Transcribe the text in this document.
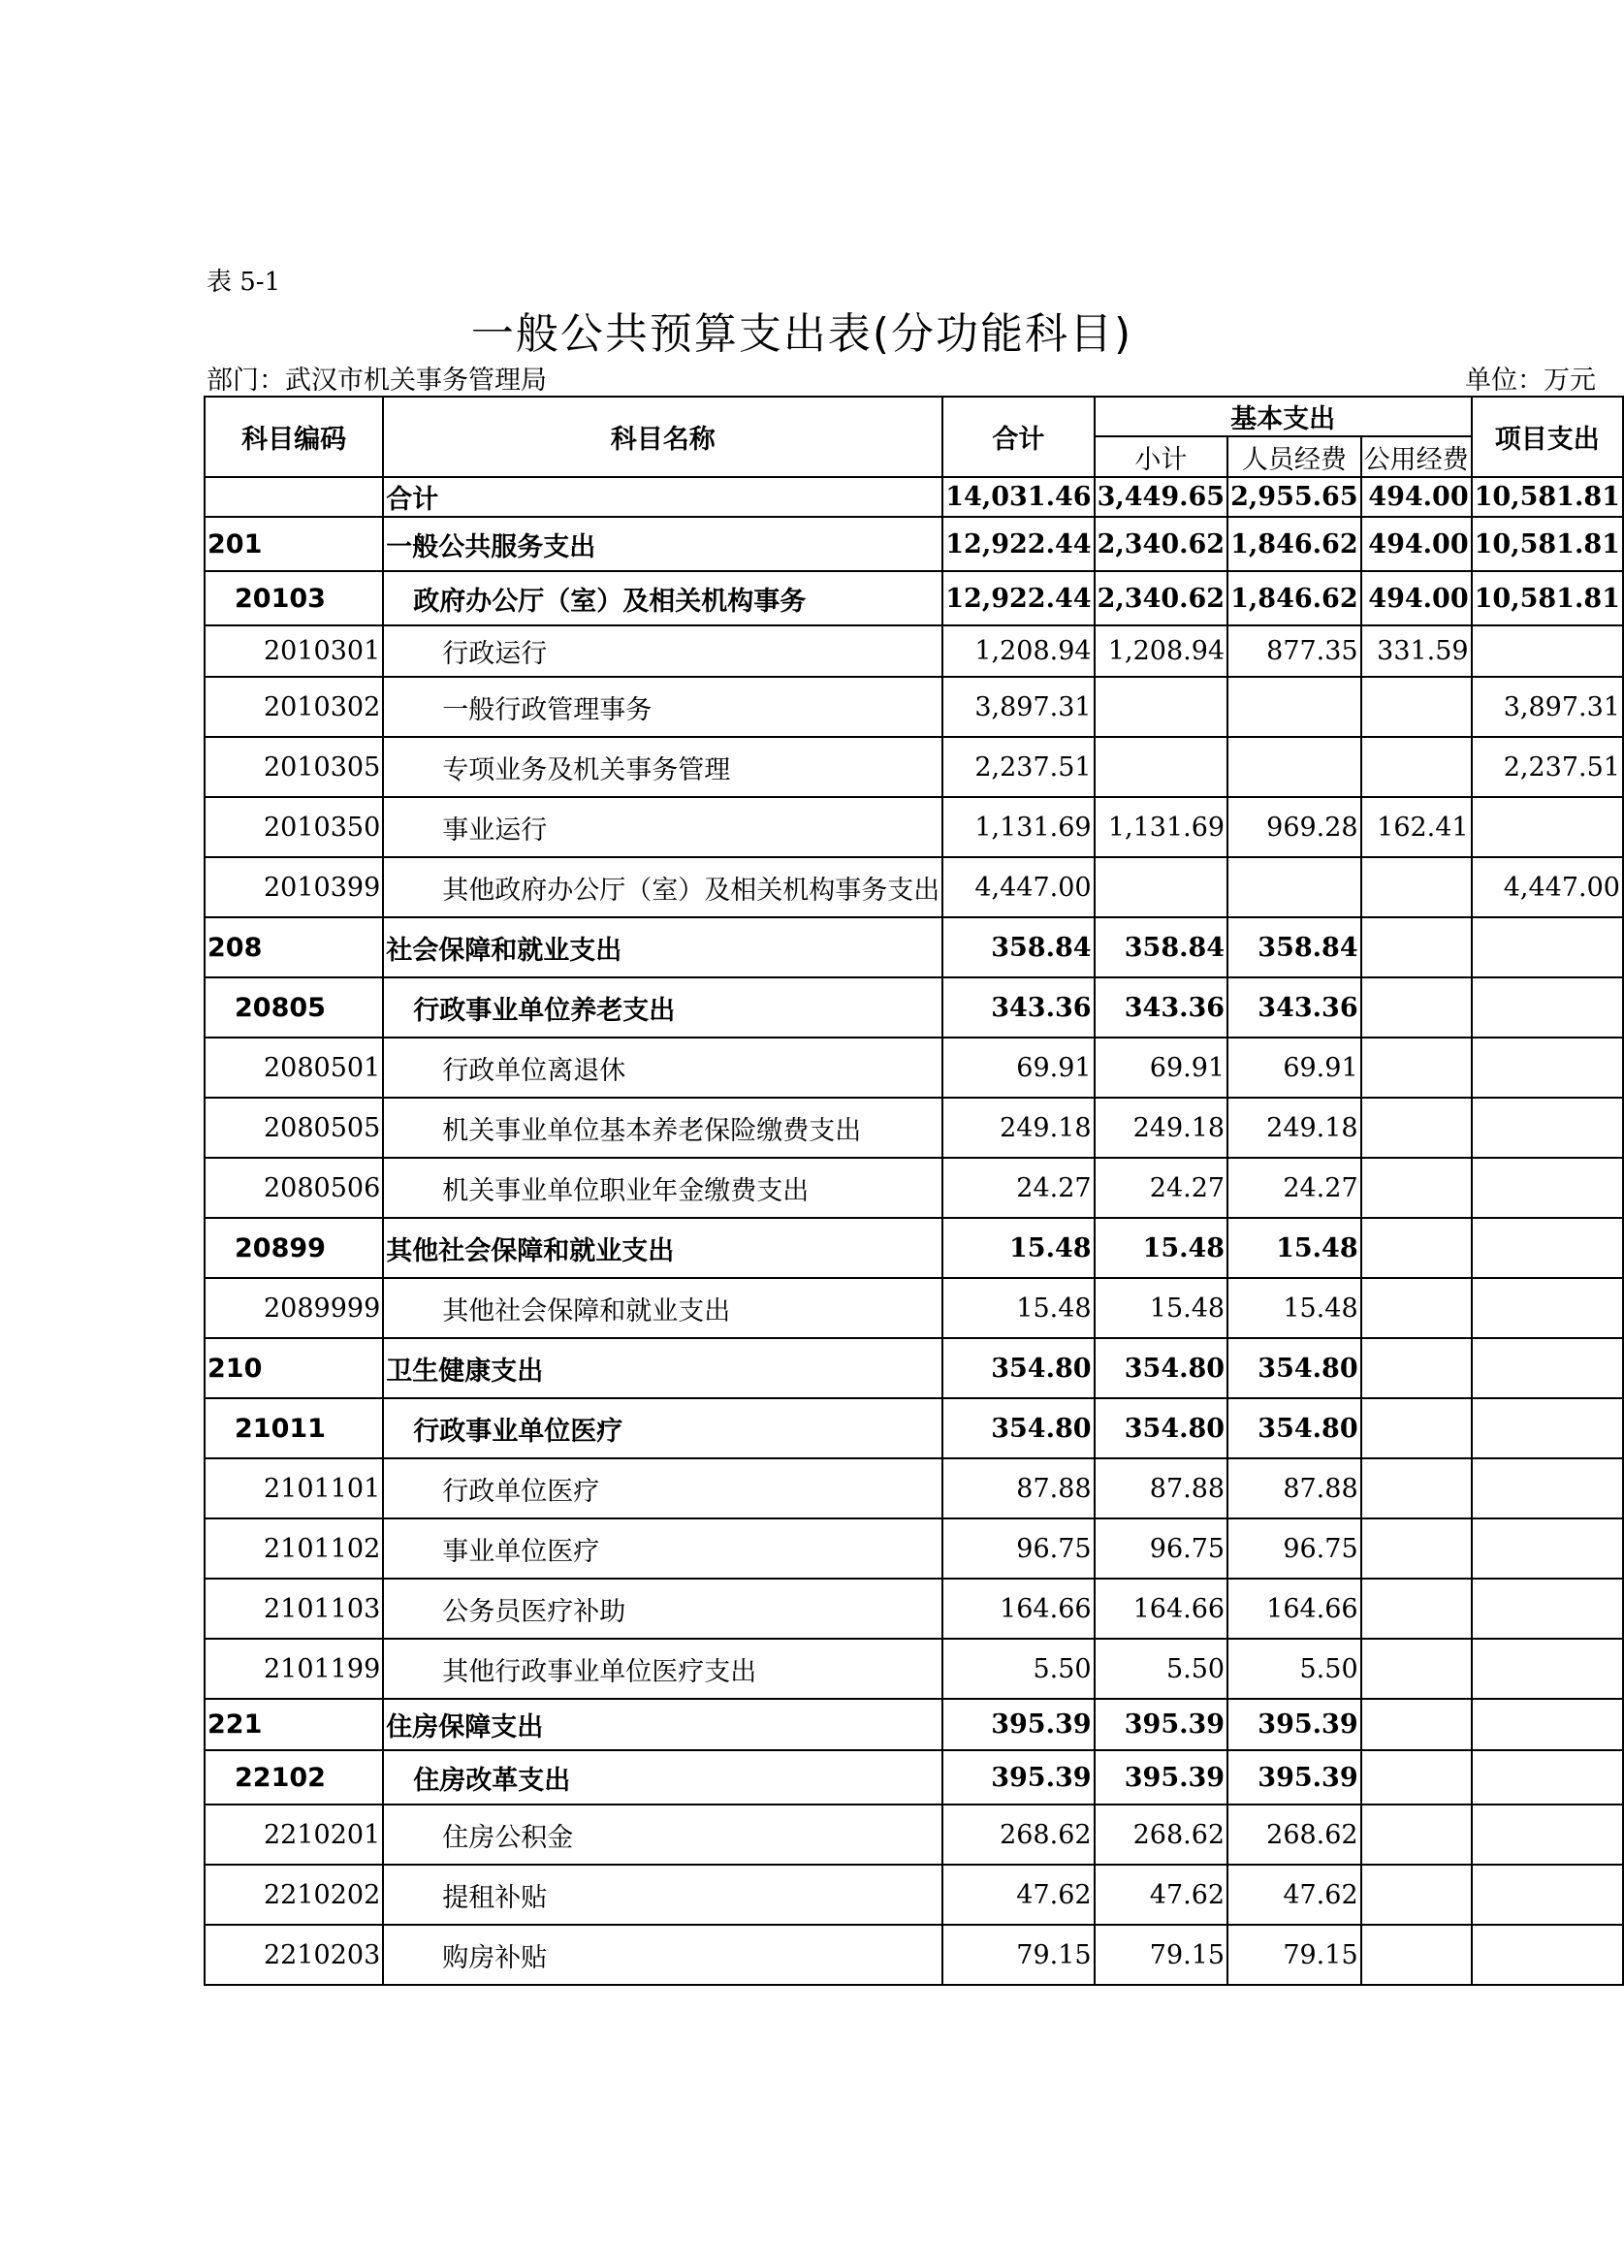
表 5-1
一般公共预算支出表(分功能科目)
部门：武汉市机关事务管理局	单位：万元
科目编码	科目名称	合计	基本支出			项目支出
			小计	人员经费	公用经费	
	合计	14,031.46	3,449.65	2,955.65	494.00	10,581.81
201	一般公共服务支出	12,922.44	2,340.62	1,846.62	494.00	10,581.81
20103	政府办公厅（室）及相关机构事务	12,922.44	2,340.62	1,846.62	494.00	10,581.81
2010301	行政运行	1,208.94	1,208.94	877.35	331.59	
2010302	一般行政管理事务	3,897.31				3,897.31
2010305	专项业务及机关事务管理	2,237.51				2,237.51
2010350	事业运行	1,131.69	1,131.69	969.28	162.41	
2010399	其他政府办公厅（室）及相关机构事务支出	4,447.00				4,447.00
208	社会保障和就业支出	358.84	358.84	358.84		
20805	行政事业单位养老支出	343.36	343.36	343.36		
2080501	行政单位离退休	69.91	69.91	69.91		
2080505	机关事业单位基本养老保险缴费支出	249.18	249.18	249.18		
2080506	机关事业单位职业年金缴费支出	24.27	24.27	24.27		
20899	其他社会保障和就业支出	15.48	15.48	15.48		
2089999	其他社会保障和就业支出	15.48	15.48	15.48		
210	卫生健康支出	354.80	354.80	354.80		
21011	行政事业单位医疗	354.80	354.80	354.80		
2101101	行政单位医疗	87.88	87.88	87.88		
2101102	事业单位医疗	96.75	96.75	96.75		
2101103	公务员医疗补助	164.66	164.66	164.66		
2101199	其他行政事业单位医疗支出	5.50	5.50	5.50		
221	住房保障支出	395.39	395.39	395.39		
22102	住房改革支出	395.39	395.39	395.39		
2210201	住房公积金	268.62	268.62	268.62		
2210202	提租补贴	47.62	47.62	47.62		
2210203	购房补贴	79.15	79.15	79.15		
